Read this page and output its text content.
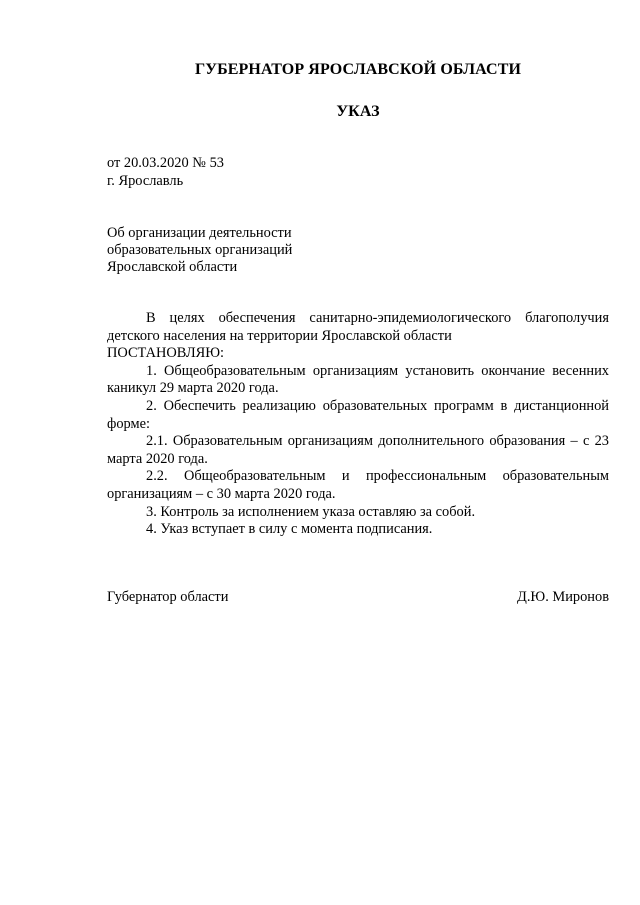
ГУБЕРНАТОР ЯРОСЛАВСКОЙ ОБЛАСТИ
УКАЗ
от 20.03.2020 № 53
г. Ярославль
Об организации деятельности
образовательных организаций
Ярославской области

В целях обеспечения санитарно-эпидемиологического благополучия детского населения на территории Ярославской области

ПОСТАНОВЛЯЮ:

1. Общеобразовательным организациям установить окончание весенних каникул 29 марта 2020 года.

2. Обеспечить реализацию образовательных программ в дистанционной форме:

2.1. Образовательным организациям дополнительного образования – с 23 марта 2020 года.

2.2. Общеобразовательным и профессиональным образовательным организациям – с 30 марта 2020 года.

3. Контроль за исполнением указа оставляю за собой.

4. Указ вступает в силу с момента подписания.

Губернатор области	Д.Ю. Миронов
